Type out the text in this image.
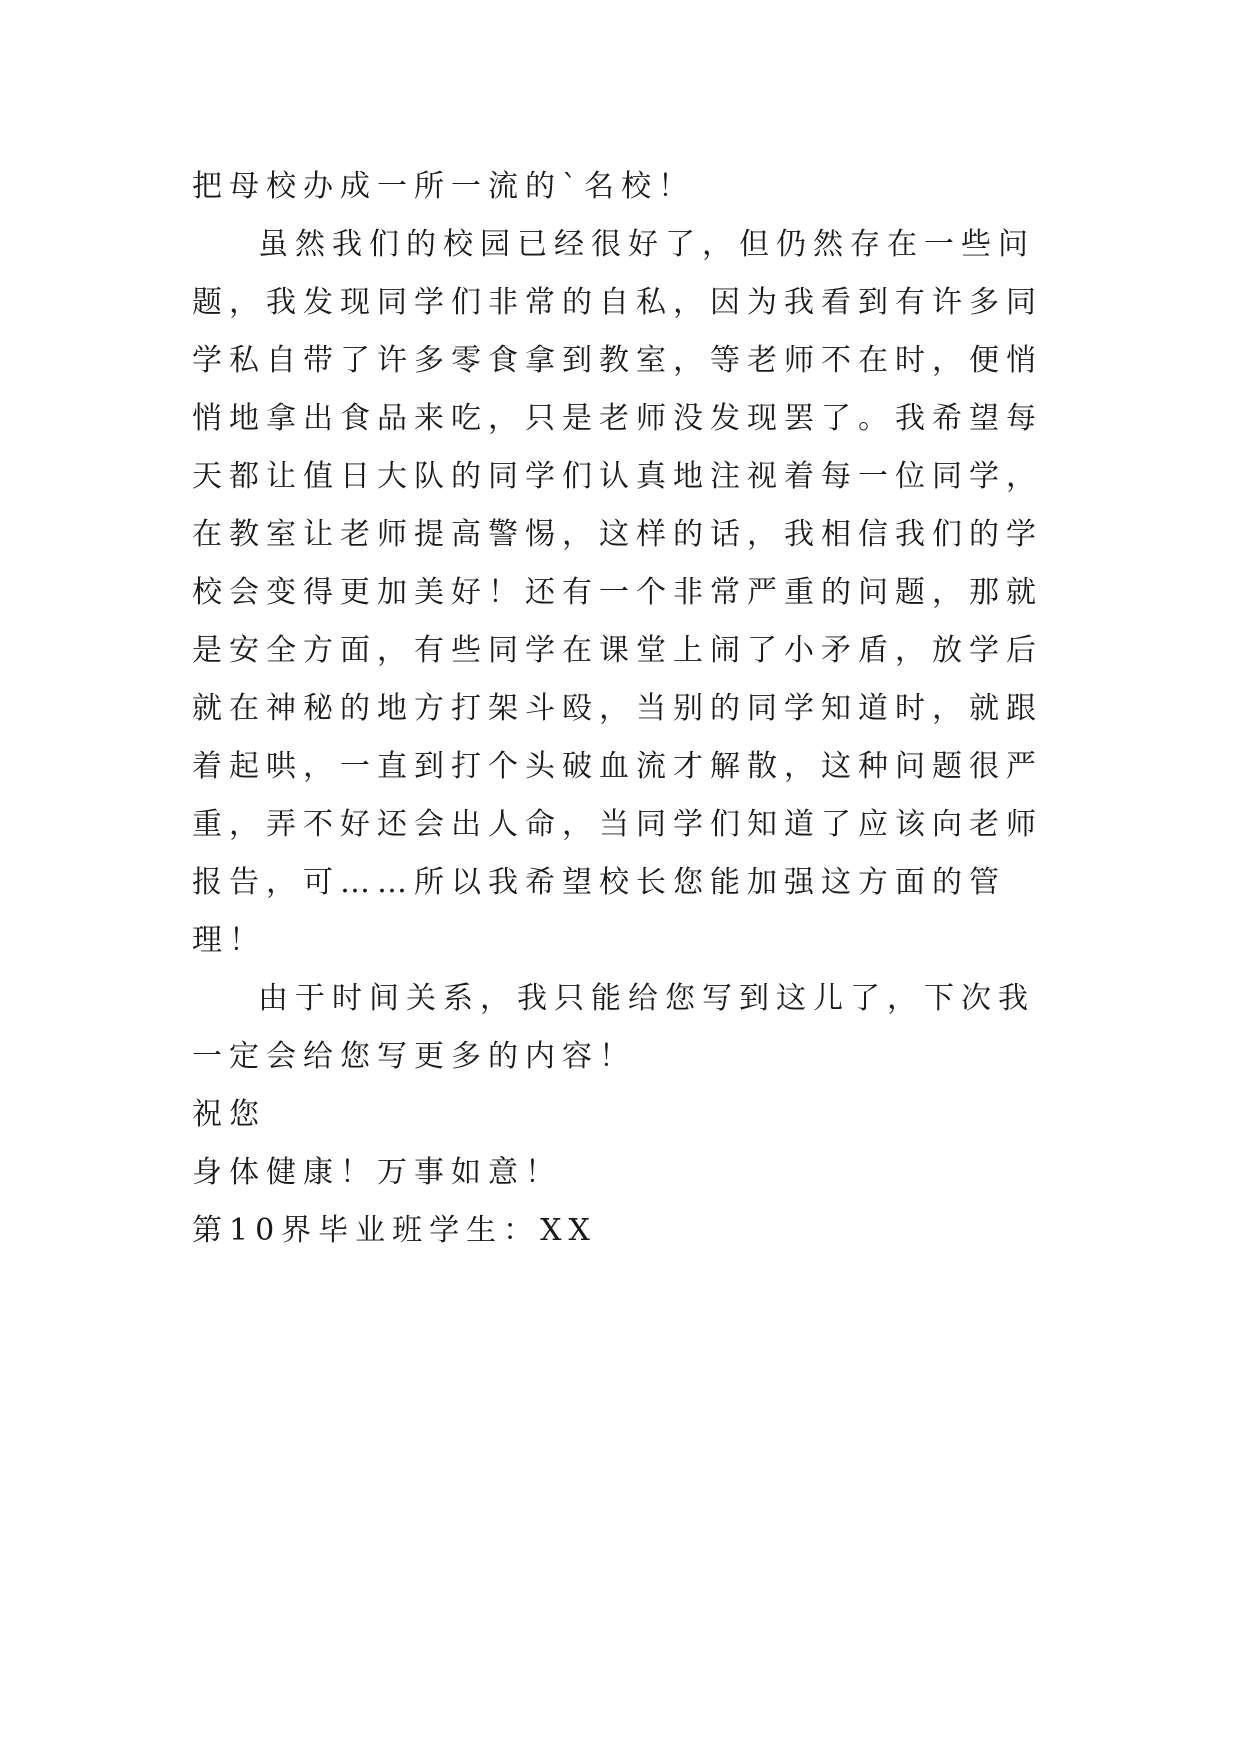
把母校办成一所一流的`名校！

虽然我们的校园已经很好了，但仍然存在一些问题，我发现同学们非常的自私，因为我看到有许多同学私自带了许多零食拿到教室，等老师不在时，便悄悄地拿出食品来吃，只是老师没发现罢了。我希望每天都让值日大队的同学们认真地注视着每一位同学，在教室让老师提高警惕，这样的话，我相信我们的学校会变得更加美好！还有一个非常严重的问题，那就是安全方面，有些同学在课堂上闹了小矛盾，放学后就在神秘的地方打架斗殴，当别的同学知道时，就跟着起哄，一直到打个头破血流才解散，这种问题很严重，弄不好还会出人命，当同学们知道了应该向老师报告，可……所以我希望校长您能加强这方面的管理！

由于时间关系，我只能给您写到这儿了，下次我一定会给您写更多的内容！

祝您

身体健康！万事如意！

第10界毕业班学生：XX
